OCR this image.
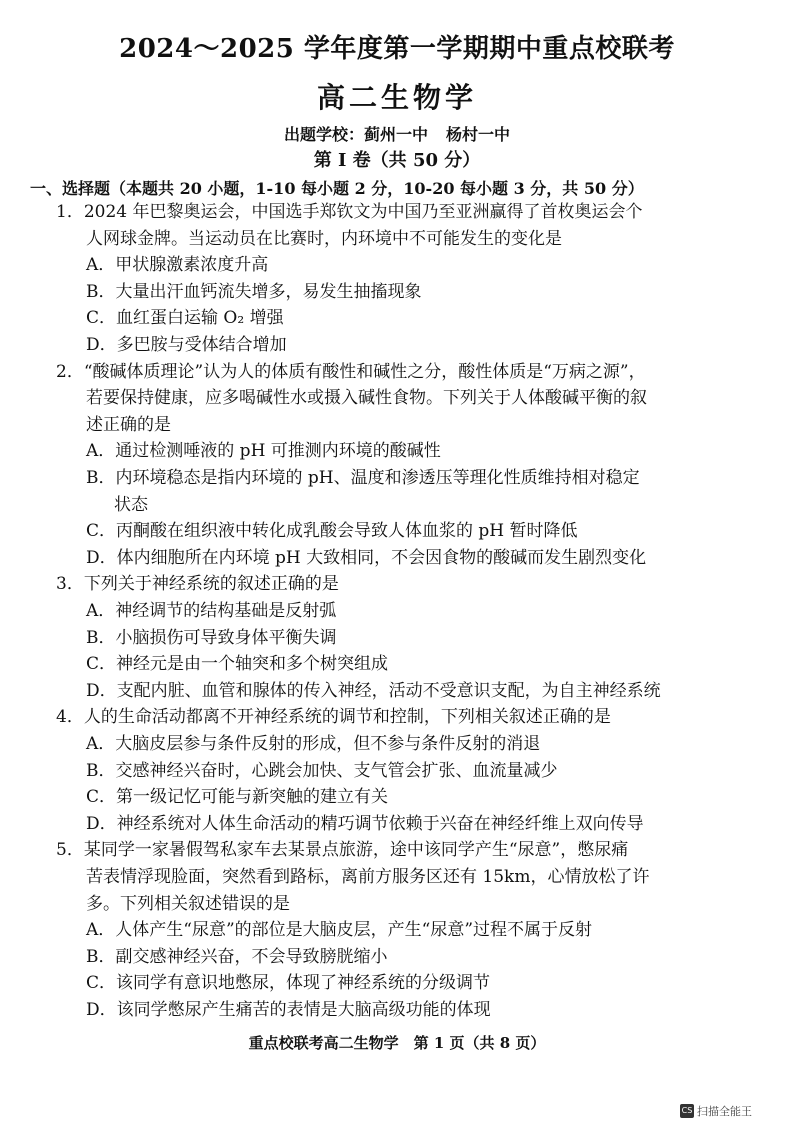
2024～2025 学年度第一学期期中重点校联考
高二生物学
出题学校：蓟州一中 杨村一中
第 I 卷（共 50 分）
一、选择题（本题共 20 小题，1-10 每小题 2 分，10-20 每小题 3 分，共 50 分）
1．2024 年巴黎奥运会，中国选手郑钦文为中国乃至亚洲赢得了首枚奥运会个
人网球金牌。当运动员在比赛时，内环境中不可能发生的变化是
A．甲状腺激素浓度升高
B．大量出汗血钙流失增多，易发生抽搐现象
C．血红蛋白运输 O₂ 增强
D．多巴胺与受体结合增加
2．“酸碱体质理论”认为人的体质有酸性和碱性之分，酸性体质是“万病之源”，
若要保持健康，应多喝碱性水或摄入碱性食物。下列关于人体酸碱平衡的叙
述正确的是
A．通过检测唾液的 pH 可推测内环境的酸碱性
B．内环境稳态是指内环境的 pH、温度和渗透压等理化性质维持相对稳定
状态
C．丙酮酸在组织液中转化成乳酸会导致人体血浆的 pH 暂时降低
D．体内细胞所在内环境 pH 大致相同，不会因食物的酸碱而发生剧烈变化
3．下列关于神经系统的叙述正确的是
A．神经调节的结构基础是反射弧
B．小脑损伤可导致身体平衡失调
C．神经元是由一个轴突和多个树突组成
D．支配内脏、血管和腺体的传入神经，活动不受意识支配，为自主神经系统
4．人的生命活动都离不开神经系统的调节和控制，下列相关叙述正确的是
A．大脑皮层参与条件反射的形成，但不参与条件反射的消退
B．交感神经兴奋时，心跳会加快、支气管会扩张、血流量减少
C．第一级记忆可能与新突触的建立有关
D．神经系统对人体生命活动的精巧调节依赖于兴奋在神经纤维上双向传导
5．某同学一家暑假驾私家车去某景点旅游，途中该同学产生“尿意”，憋尿痛
苦表情浮现脸面，突然看到路标，离前方服务区还有 15km，心情放松了许
多。下列相关叙述错误的是
A．人体产生“尿意”的部位是大脑皮层，产生“尿意”过程不属于反射
B．副交感神经兴奋，不会导致膀胱缩小
C．该同学有意识地憋尿，体现了神经系统的分级调节
D．该同学憋尿产生痛苦的表情是大脑高级功能的体现
重点校联考高二生物学　第 1 页（共 8 页）
CS 扫描全能王
